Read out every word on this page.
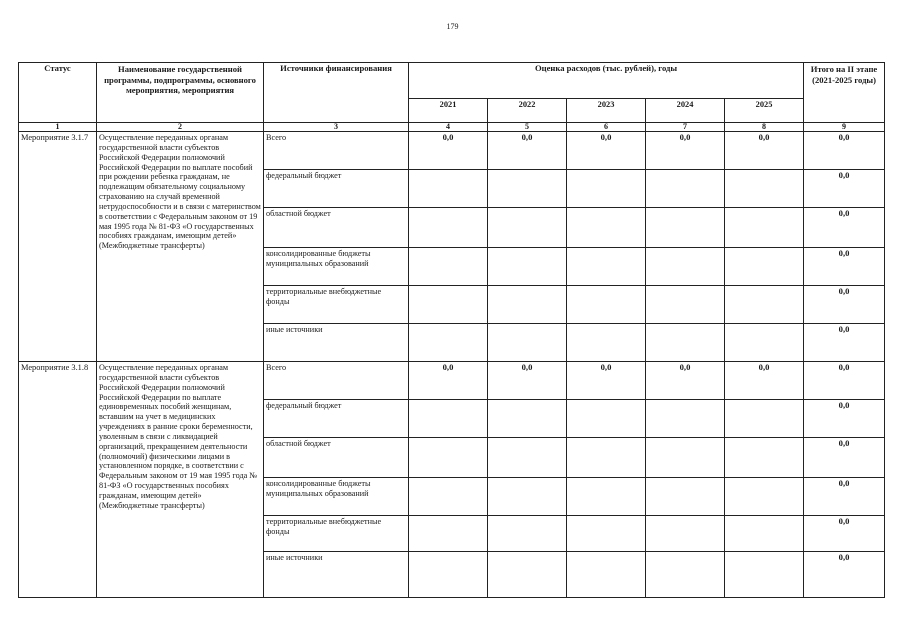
179
Статус	Наименование государственной программы, подпрограммы, основного мероприятия, мероприятия	Источники финансирования	Оценка расходов (тыс. рублей), годы					Итого на II этапе (2021-2025 годы)
			2021	2022	2023	2024	2025	
1	2	3	4	5	6	7	8	9
Мероприятие 3.1.7	Осуществление переданных органам государственной власти субъектов Российской Федерации полномочий Российской Федерации по выплате пособий при рождении ребенка гражданам, не подлежащим обязательному социальному страхованию на случай временной нетрудоспособности и в связи с материнством в соответствии с Федеральным законом от 19 мая 1995 года № 81-ФЗ «О государственных пособиях гражданам, имеющим детей» (Межбюджетные трансферты)	Всего	0,0	0,0	0,0	0,0	0,0	0,0
		федеральный бюджет						0,0
		областной бюджет						0,0
		консолидированные бюджеты муниципальных образований						0,0
		территориальные внебюджетные фонды						0,0
		иные источники						0,0
Мероприятие 3.1.8	Осуществление переданных органам государственной власти субъектов Российской Федерации полномочий Российской Федерации по выплате единовременных пособий женщинам, вставшим на учет в медицинских учреждениях в ранние сроки беременности, уволенным в связи с ликвидацией организаций, прекращением деятельности (полномочий) физическими лицами в установленном порядке, в соответствии с Федеральным законом от 19 мая 1995 года № 81-ФЗ «О государственных пособиях гражданам, имеющим детей» (Межбюджетные трансферты)	Всего	0,0	0,0	0,0	0,0	0,0	0,0
		федеральный бюджет						0,0
		областной бюджет						0,0
		консолидированные бюджеты муниципальных образований						0,0
		территориальные внебюджетные фонды						0,0
		иные источники						0,0
